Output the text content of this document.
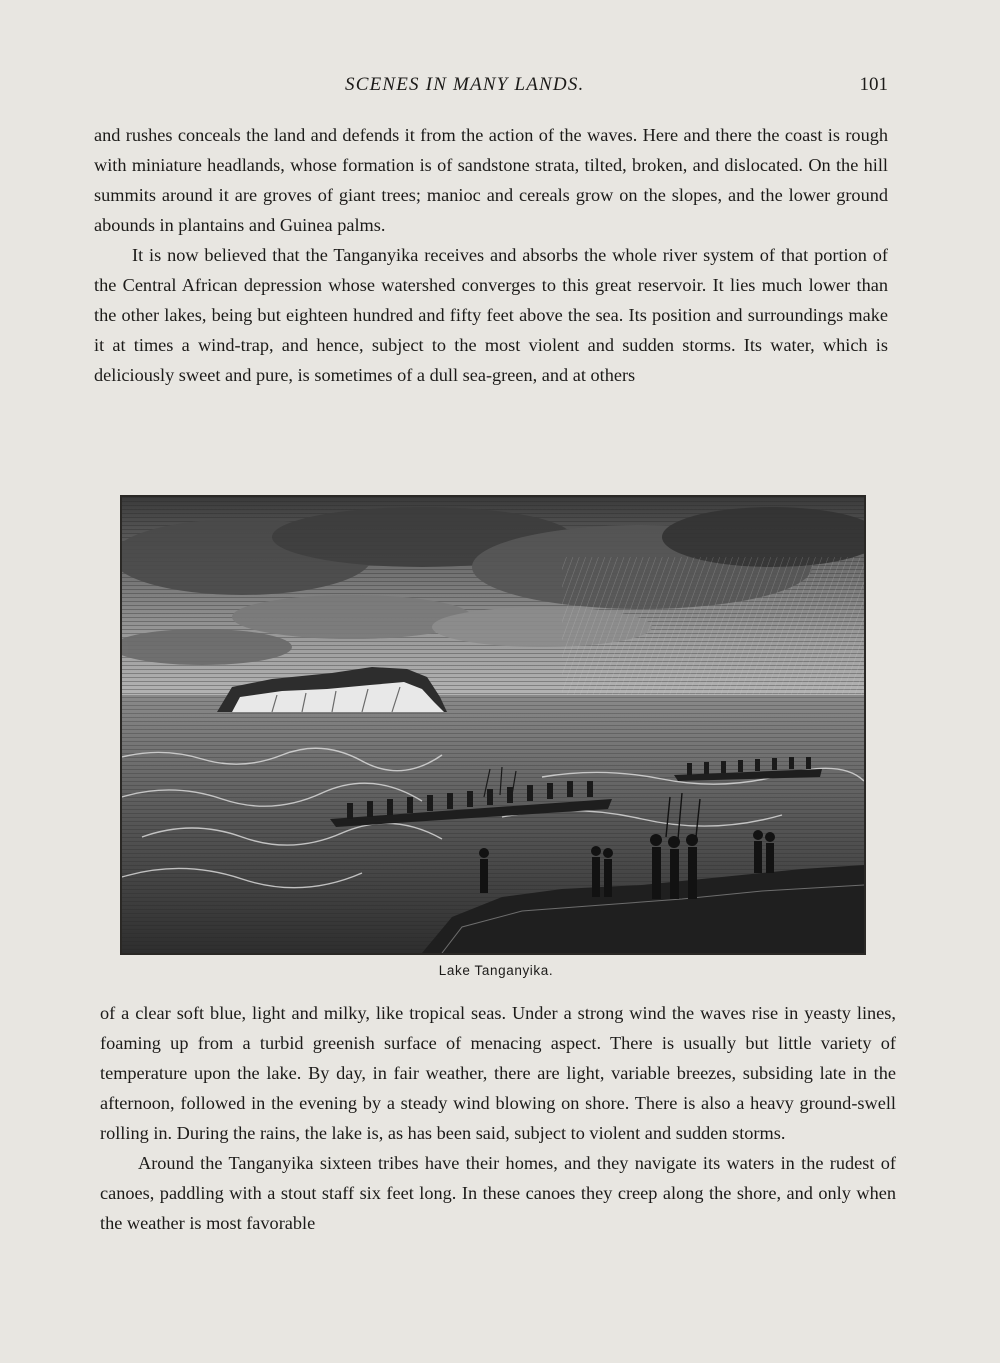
SCENES IN MANY LANDS.	101

and rushes conceals the land and defends it from the action of the waves. Here and there the coast is rough with miniature headlands, whose formation is of sandstone strata, tilted, broken, and dislocated. On the hill summits around it are groves of giant trees; manioc and cereals grow on the slopes, and the lower ground abounds in plantains and Guinea palms.

It is now believed that the Tanganyika receives and absorbs the whole river system of that portion of the Central African depression whose watershed converges to this great reservoir. It lies much lower than the other lakes, being but eighteen hundred and fifty feet above the sea. Its position and surroundings make it at times a wind-trap, and hence, subject to the most violent and sudden storms. Its water, which is deliciously sweet and pure, is sometimes of a dull sea-green, and at others

Lake Tanganyika.

of a clear soft blue, light and milky, like tropical seas. Under a strong wind the waves rise in yeasty lines, foaming up from a turbid greenish surface of menacing aspect. There is usually but little variety of temperature upon the lake. By day, in fair weather, there are light, variable breezes, subsiding late in the afternoon, followed in the evening by a steady wind blowing on shore. There is also a heavy ground-swell rolling in. During the rains, the lake is, as has been said, subject to violent and sudden storms.

Around the Tanganyika sixteen tribes have their homes, and they navigate its waters in the rudest of canoes, paddling with a stout staff six feet long. In these canoes they creep along the shore, and only when the weather is most favorable
